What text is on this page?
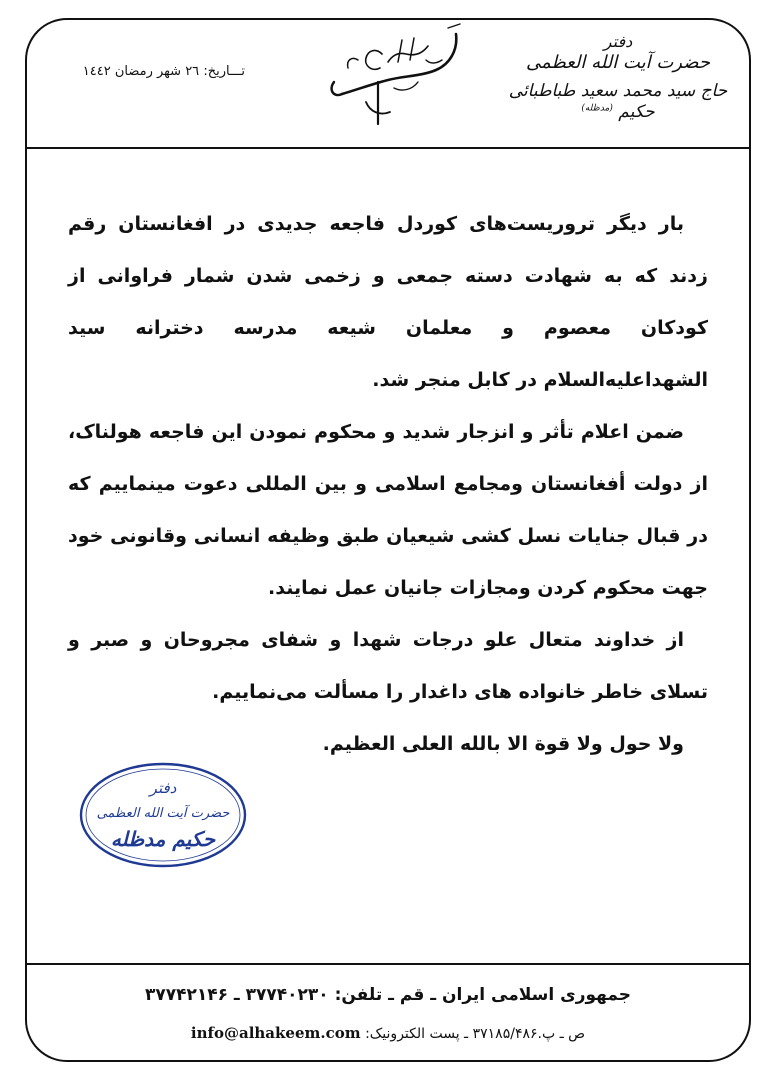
تـــاريخ: ٢٦ شهر رمضان ١٤٤٢	بسم الله الرحمن الرحيم
دفتر
حضرت آیت الله العظمی
حاج سید محمد سعید طباطبائی حکیم $^{(مدظله)}$

بار دیگر تروریست‌های کوردل فاجعه جدیدی در افغانستان رقم زدند که به شهادت دسته جمعی و زخمی شدن شمار فراوانی از کودکان معصوم و معلمان شیعه مدرسه دخترانه سید الشهداعلیه‌السلام در کابل منجر شد.

ضمن اعلام تأثر و انزجار شدید و محکوم نمودن این فاجعه هولناک، از دولت أفغانستان ومجامع اسلامی و بین المللی دعوت مینماییم که در قبال جنایات نسل کشی شیعیان طبق وظیفه انسانی وقانونی خود جهت محکوم کردن ومجازات جانیان عمل نمایند.

از خداوند متعال علو درجات شهدا و شفای مجروحان و صبر و تسلای خاطر خانواده های داغدار را مسألت می‌نماییم.

ولا حول ولا قوة الا بالله العلی العظیم.

دفتر
حضرت آیت الله العظمی
حکیم مدظله
جمهوری اسلامی ایران ـ قم ـ تلفن: ۳۷۷۴۰۲۳۰ ـ ۳۷۷۴۲۱۴۶
ص ـ پ.۳۷۱۸۵/۴۸۶ ـ پست الکترونیک: info@alhakeem.com
